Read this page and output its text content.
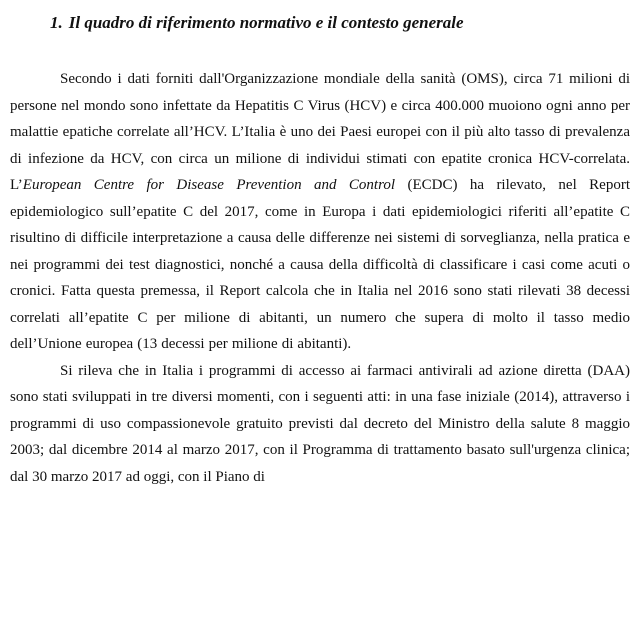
1. Il quadro di riferimento normativo e il contesto generale

Secondo i dati forniti dall'Organizzazione mondiale della sanità (OMS), circa 71 milioni di persone nel mondo sono infettate da Hepatitis C Virus (HCV) e circa 400.000 muoiono ogni anno per malattie epatiche correlate all’HCV. L’Italia è uno dei Paesi europei con il più alto tasso di prevalenza di infezione da HCV, con circa un milione di individui stimati con epatite cronica HCV-correlata. L’European Centre for Disease Prevention and Control (ECDC) ha rilevato, nel Report epidemiologico sull’epatite C del 2017, come in Europa i dati epidemiologici riferiti all’epatite C risultino di difficile interpretazione a causa delle differenze nei sistemi di sorveglianza, nella pratica e nei programmi dei test diagnostici, nonché a causa della difficoltà di classificare i casi come acuti o cronici. Fatta questa premessa, il Report calcola che in Italia nel 2016 sono stati rilevati 38 decessi correlati all’epatite C per milione di abitanti, un numero che supera di molto il tasso medio dell’Unione europea (13 decessi per milione di abitanti).

Si rileva che in Italia i programmi di accesso ai farmaci antivirali ad azione diretta (DAA) sono stati sviluppati in tre diversi momenti, con i seguenti atti: in una fase iniziale (2014), attraverso i programmi di uso compassionevole gratuito previsti dal decreto del Ministro della salute 8 maggio 2003; dal dicembre 2014 al marzo 2017, con il Programma di trattamento basato sull'urgenza clinica; dal 30 marzo 2017 ad oggi, con il Piano di
